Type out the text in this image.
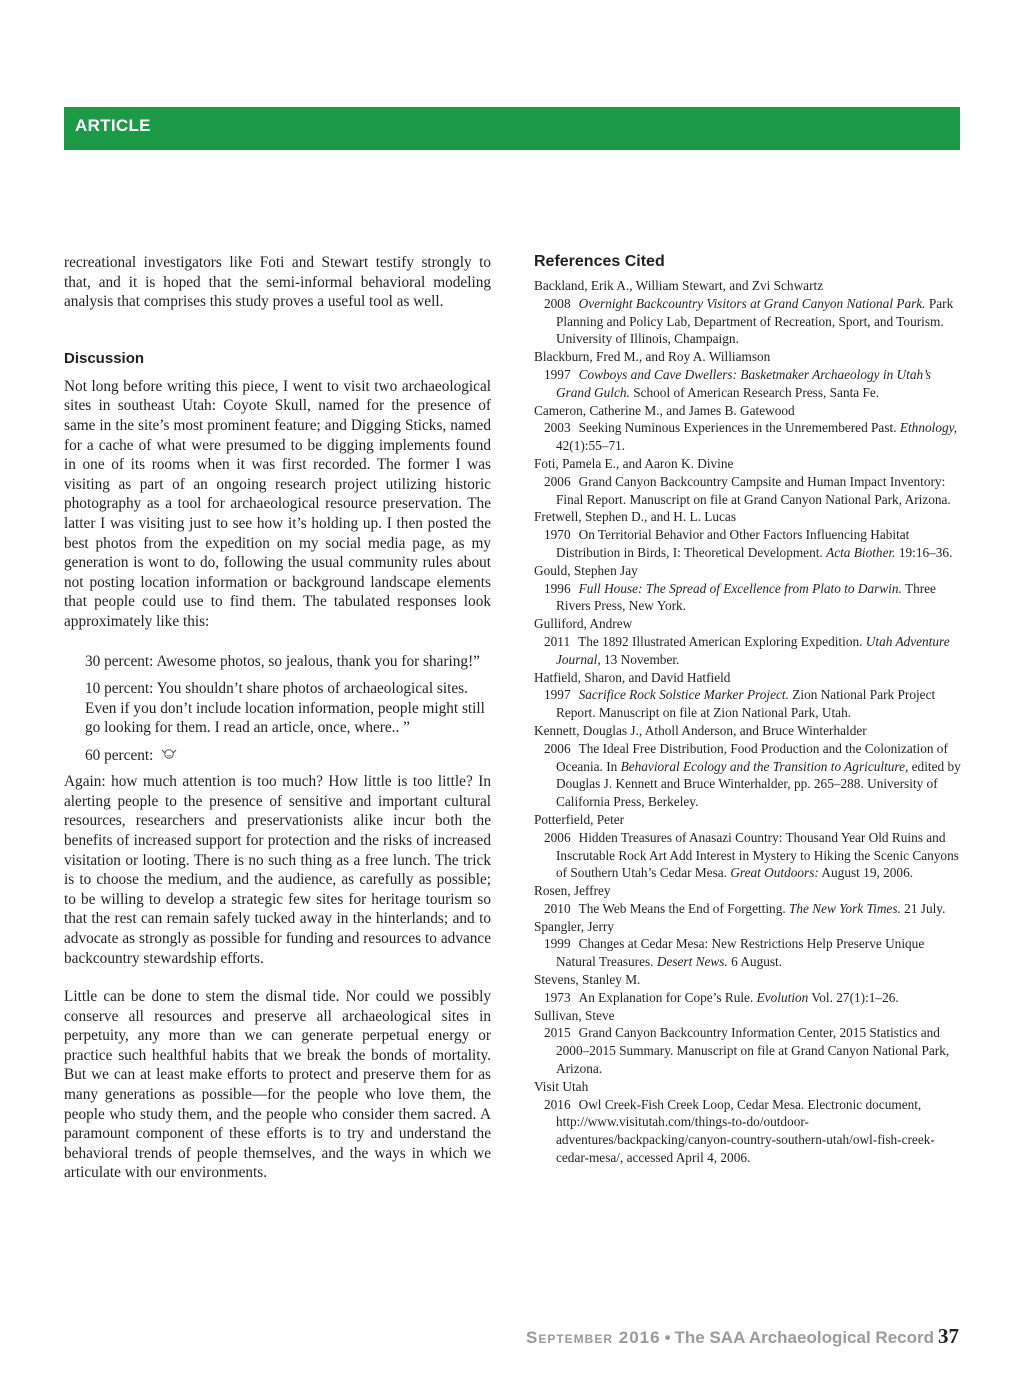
ARTICLE

recreational investigators like Foti and Stewart testify strongly to that, and it is hoped that the semi-informal behavioral modeling analysis that comprises this study proves a useful tool as well.

Discussion

Not long before writing this piece, I went to visit two archaeological sites in southeast Utah: Coyote Skull, named for the presence of same in the site’s most prominent feature; and Digging Sticks, named for a cache of what were presumed to be digging implements found in one of its rooms when it was first recorded. The former I was visiting as part of an ongoing research project utilizing historic photography as a tool for archaeological resource preservation. The latter I was visiting just to see how it’s holding up. I then posted the best photos from the expedition on my social media page, as my generation is wont to do, following the usual community rules about not posting location information or background landscape elements that people could use to find them. The tabulated responses look approximately like this:

30 percent: Awesome photos, so jealous, thank you for sharing!”

10 percent: You shouldn’t share photos of archaeological sites. Even if you don’t include location information, people might still go looking for them. I read an article, once, where.. ”

60 percent:

Again: how much attention is too much? How little is too little? In alerting people to the presence of sensitive and important cultural resources, researchers and preservationists alike incur both the benefits of increased support for protection and the risks of increased visitation or looting. There is no such thing as a free lunch. The trick is to choose the medium, and the audience, as carefully as possible; to be willing to develop a strategic few sites for heritage tourism so that the rest can remain safely tucked away in the hinterlands; and to advocate as strongly as possible for funding and resources to advance backcountry stewardship efforts.

Little can be done to stem the dismal tide. Nor could we possibly conserve all resources and preserve all archaeological sites in perpetuity, any more than we can generate perpetual energy or practice such healthful habits that we break the bonds of mortality. But we can at least make efforts to protect and preserve them for as many generations as possible—for the people who love them, the people who study them, and the people who consider them sacred. A paramount component of these efforts is to try and understand the behavioral trends of people themselves, and the ways in which we articulate with our environments.

References Cited

Backland, Erik A., William Stewart, and Zvi Schwartz

2008 Overnight Backcountry Visitors at Grand Canyon National Park. Park Planning and Policy Lab, Department of Recreation, Sport, and Tourism. University of Illinois, Champaign.

Blackburn, Fred M., and Roy A. Williamson

1997 Cowboys and Cave Dwellers: Basketmaker Archaeology in Utah’s Grand Gulch. School of American Research Press, Santa Fe.

Cameron, Catherine M., and James B. Gatewood

2003 Seeking Numinous Experiences in the Unremembered Past. Ethnology, 42(1):55–71.

Foti, Pamela E., and Aaron K. Divine

2006 Grand Canyon Backcountry Campsite and Human Impact Inventory: Final Report. Manuscript on file at Grand Canyon National Park, Arizona.

Fretwell, Stephen D., and H. L. Lucas

1970 On Territorial Behavior and Other Factors Influencing Habitat Distribution in Birds, I: Theoretical Development. Acta Biother. 19:16–36.

Gould, Stephen Jay

1996 Full House: The Spread of Excellence from Plato to Darwin. Three Rivers Press, New York.

Gulliford, Andrew

2011 The 1892 Illustrated American Exploring Expedition. Utah Adventure Journal, 13 November.

Hatfield, Sharon, and David Hatfield

1997 Sacrifice Rock Solstice Marker Project. Zion National Park Project Report. Manuscript on file at Zion National Park, Utah.

Kennett, Douglas J., Atholl Anderson, and Bruce Winterhalder

2006 The Ideal Free Distribution, Food Production and the Colonization of Oceania. In Behavioral Ecology and the Transition to Agriculture, edited by Douglas J. Kennett and Bruce Winterhalder, pp. 265–288. University of California Press, Berkeley.

Potterfield, Peter

2006 Hidden Treasures of Anasazi Country: Thousand Year Old Ruins and Inscrutable Rock Art Add Interest in Mystery to Hiking the Scenic Canyons of Southern Utah’s Cedar Mesa. Great Outdoors: August 19, 2006.

Rosen, Jeffrey

2010 The Web Means the End of Forgetting. The New York Times. 21 July.

Spangler, Jerry

1999 Changes at Cedar Mesa: New Restrictions Help Preserve Unique Natural Treasures. Desert News. 6 August.

Stevens, Stanley M.

1973 An Explanation for Cope’s Rule. Evolution Vol. 27(1):1–26.

Sullivan, Steve

2015 Grand Canyon Backcountry Information Center, 2015 Statistics and 2000–2015 Summary. Manuscript on file at Grand Canyon National Park, Arizona.

Visit Utah

2016 Owl Creek-Fish Creek Loop, Cedar Mesa. Electronic document, http://www.visitutah.com/things-to-do/outdoor-adventures/backpacking/canyon-country-southern-utah/owl-fish-creek-cedar-mesa/, accessed April 4, 2006.

September 2016 • The SAA Archaeological Record 37
